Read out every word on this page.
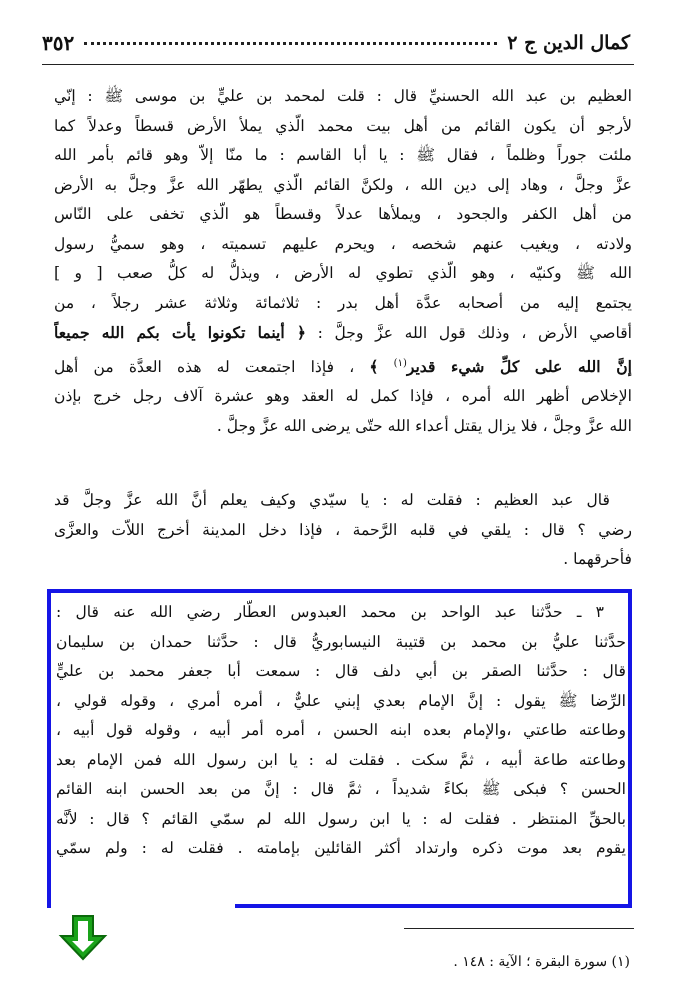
٣٥٢	كمال الدين ج ٢
العظيم بن عبد الله الحسنيِّ قال : قلت لمحمد بن عليٍّ بن موسى ﷺ : إنّي
لأرجو أن يكون القائم من أهل بيت محمد الّذي يملأ الأرض قسطاً وعدلاً كما
ملئت جوراً وظلماً ، فقال ﷺ : يا أبا القاسم : ما منّا إلاّ وهو قائم بأمر الله
عزَّ وجلَّ ، وهاد إلى دين الله ، ولكنَّ القائم الّذي يطهّر الله عزَّ وجلَّ به الأرض
من أهل الكفر والجحود ، ويملأها عدلاً وقسطاً هو الّذي تخفى على النّاس
ولادته ، ويغيب عنهم شخصه ، ويحرم عليهم تسميته ، وهو سميُّ رسول
الله ﷺ وكنيّه ، وهو الّذي تطوي له الأرض ، ويذلُّ له كلُّ صعب [ و ]
يجتمع إليه من أصحابه عدَّة أهل بدر : ثلاثمائة وثلاثة عشر رجلاً ، من
أقاصي الأرض ، وذلك قول الله عزَّ وجلَّ : ﴿ أينما تكونوا يأت بكم الله جميعاً
إنَّ الله على كلِّ شيء قدير$^{(١)}$ ﴾ ، فإذا اجتمعت له هذه العدَّة من أهل
الإخلاص أظهر الله أمره ، فإذا كمل له العقد وهو عشرة آلاف رجل خرج بإذن
الله عزَّ وجلَّ ، فلا يزال يقتل أعداء الله حتّى يرضى الله عزَّ وجلَّ .
قال عبد العظيم : فقلت له : يا سيّدي وكيف يعلم أنَّ الله عزَّ وجلَّ قد
رضي ؟ قال : يلقي في قلبه الرَّحمة ، فإذا دخل المدينة أخرج اللاّت والعزَّى
فأحرقهما .
٣ ـ حدَّثنا عبد الواحد بن محمد العبدوس العطّار رضي الله عنه قال :
حدَّثنا عليُّ بن محمد بن قتيبة النيسابوريُّ قال : حدَّثنا حمدان بن سليمان
قال : حدَّثنا الصقر بن أبي دلف قال : سمعت أبا جعفر محمد بن عليٍّ
الرِّضا ﷺ يقول : إنَّ الإمام بعدي إبني عليٌّ ، أمره أمري ، وقوله قولي ،
وطاعته طاعتي ،والإمام بعده ابنه الحسن ، أمره أمر أبيه ، وقوله قول أبيه ،
وطاعته طاعة أبيه ، ثمَّ سكت . فقلت له : يا ابن رسول الله فمن الإمام بعد
الحسن ؟ فبكى ﷺ بكاءً شديداً ، ثمَّ قال : إنَّ من بعد الحسن ابنه القائم
بالحقِّ المنتظر . فقلت له : يا ابن رسول الله لم سمّي القائم ؟ قال : لأنَّه
يقوم بعد موت ذكره وارتداد أكثر القائلين بإمامته . فقلت له : ولم سمّي
(١) سورة البقرة ؛ الآية : ١٤٨ .
